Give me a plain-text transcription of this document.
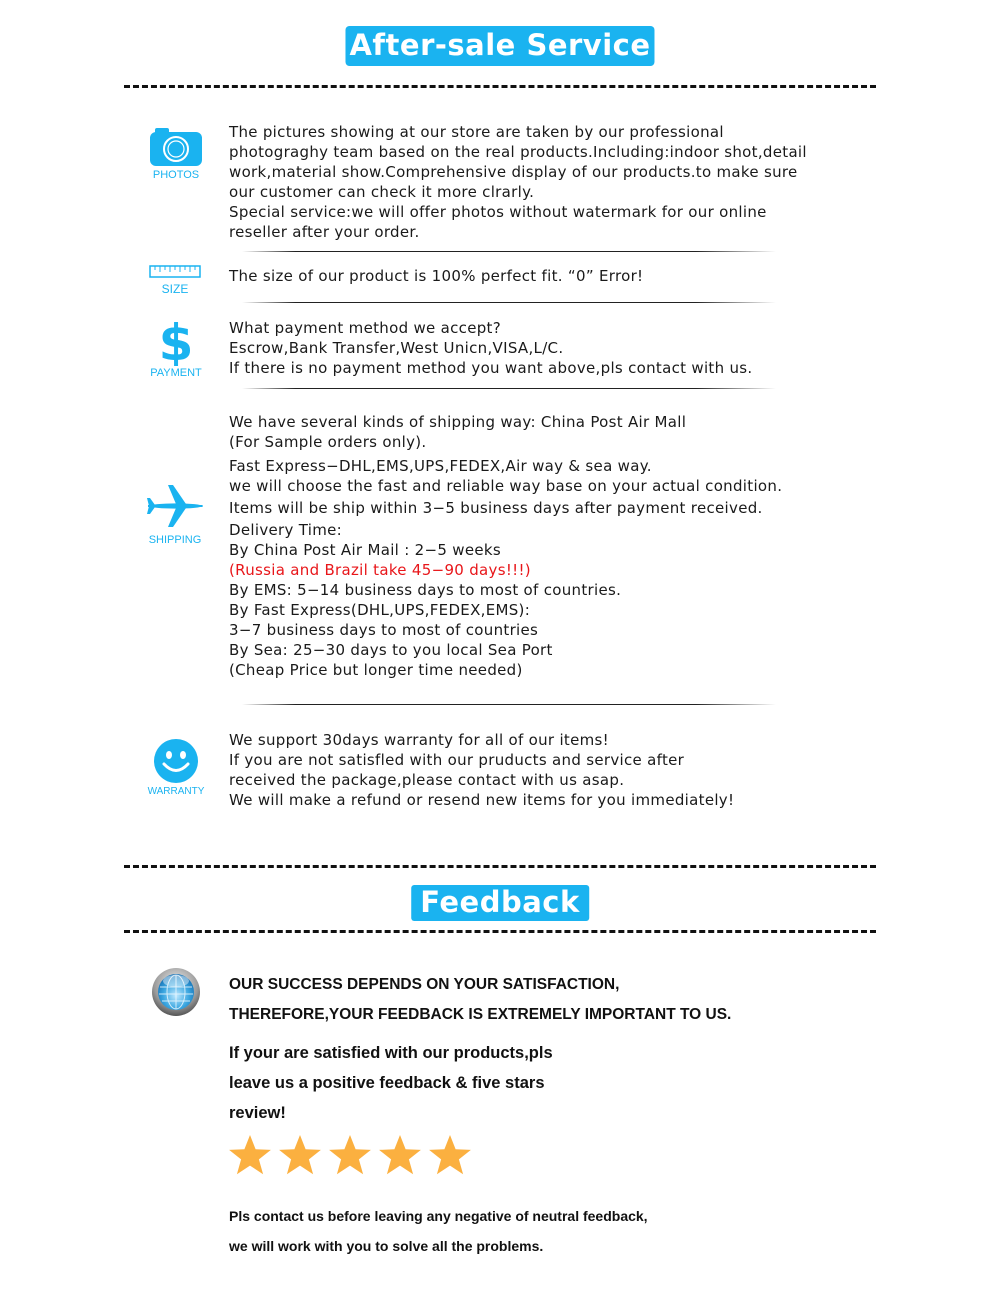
After-sale Service
PHOTOS
The pictures showing at our store are taken by our professional
photograghy team based on the real products.Including:indoor shot,detail
work,material show.Comprehensive display of our products.to make sure
our customer can check it more clrarly.
Special service:we will offer photos without watermark for our online
reseller after your order.
SIZE
The size of our product is 100% perfect fit. “0” Error!
$
PAYMENT
What payment method we accept?
Escrow,Bank Transfer,West Unicn,VISA,L/C.
If there is no payment method you want above,pls contact with us.
SHIPPING
We have several kinds of shipping way: China Post Air Mall
(For Sample orders only).
Fast Express−DHL,EMS,UPS,FEDEX,Air way & sea way.
we will choose the fast and reliable way base on your actual condition.
Items will be ship within 3−5 business days after payment received.
Delivery Time:
By China Post Air Mail : 2−5 weeks
(Russia and Brazil take 45−90 days!!!)
By EMS: 5−14 business days to most of countries.
By Fast Express(DHL,UPS,FEDEX,EMS):
3−7 business days to most of countries
By Sea: 25−30 days to you local Sea Port
(Cheap Price but longer time needed)
WARRANTY
We support 30days warranty for all of our items!
If you are not satisfled with our pruducts and service after
received the package,please contact with us asap.
We will make a refund or resend new items for you immediately!
Feedback
OUR SUCCESS DEPENDS ON YOUR SATISFACTION,
THEREFORE,YOUR FEEDBACK IS EXTREMELY IMPORTANT TO US.
If your are satisfied with our products,pls
leave us a positive feedback & five stars
review!
Pls contact us before leaving any negative of neutral feedback,
we will work with you to solve all the problems.
